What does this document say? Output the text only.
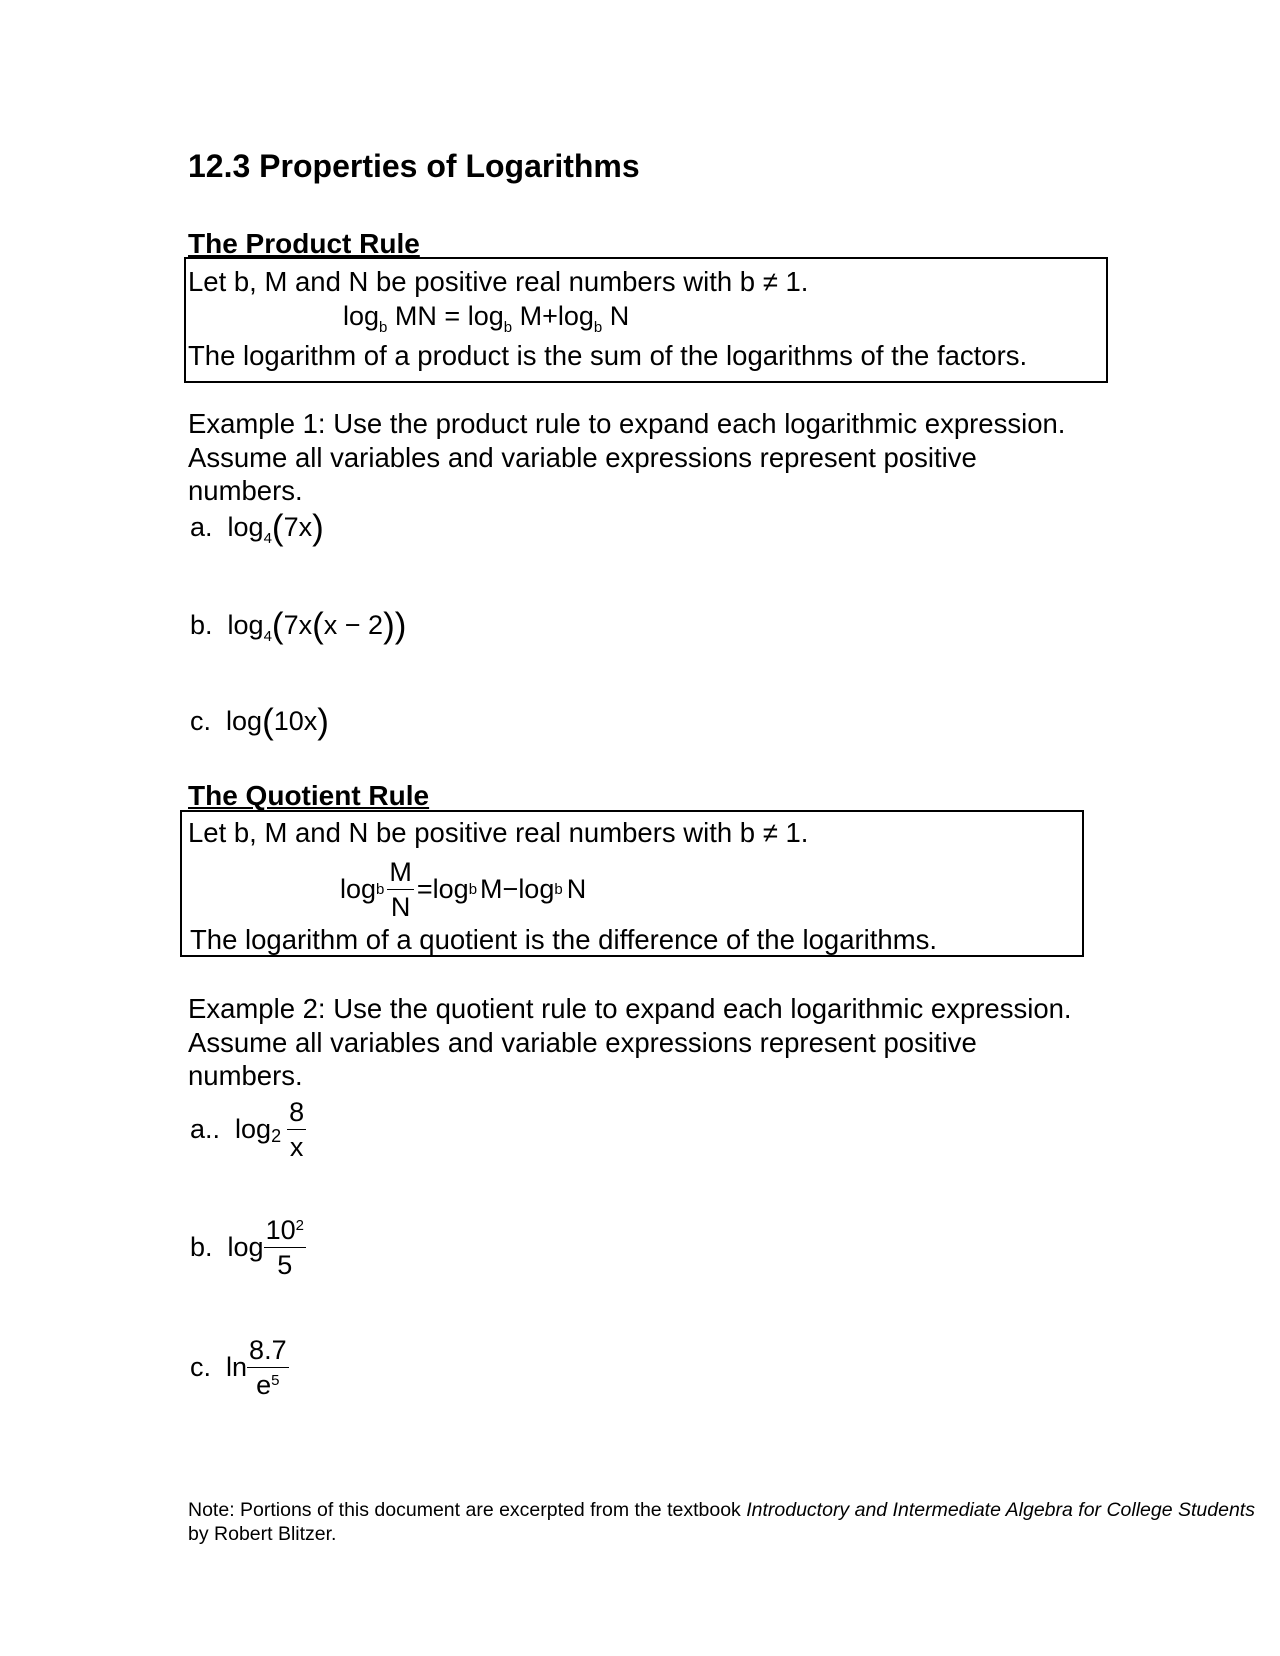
12.3 Properties of Logarithms
The Product Rule
Let b, M and N be positive real numbers with b ≠ 1.
$\log_b$ MN = $\log_b M+\log_b$ N
The logarithm of a product is the sum of the logarithms of the factors.
Example 1: Use the product rule to expand each logarithmic expression. Assume all variables and variable expressions represent positive numbers.
a. $\log_4(7x)$
b. $\log_4(7x(x - 2))$
c. log(10x)
The Quotient Rule
Let b, M and N be positive real numbers with b ≠ 1.
log b $\frac{M}{N} = \log b$ M − log b N
The logarithm of a quotient is the difference of the logarithms.
Example 2: Use the quotient rule to expand each logarithmic expression. Assume all variables and variable expressions represent positive numbers.
a..
$\log 2 \frac{8}{x}$
b.
$\log \frac{10^2}{5}$
c.
$\ln \frac{8.7}{e^5}$
Note: Portions of this document are excerpted from the textbook Introductory and Intermediate Algebra for College Students by Robert Blitzer.
